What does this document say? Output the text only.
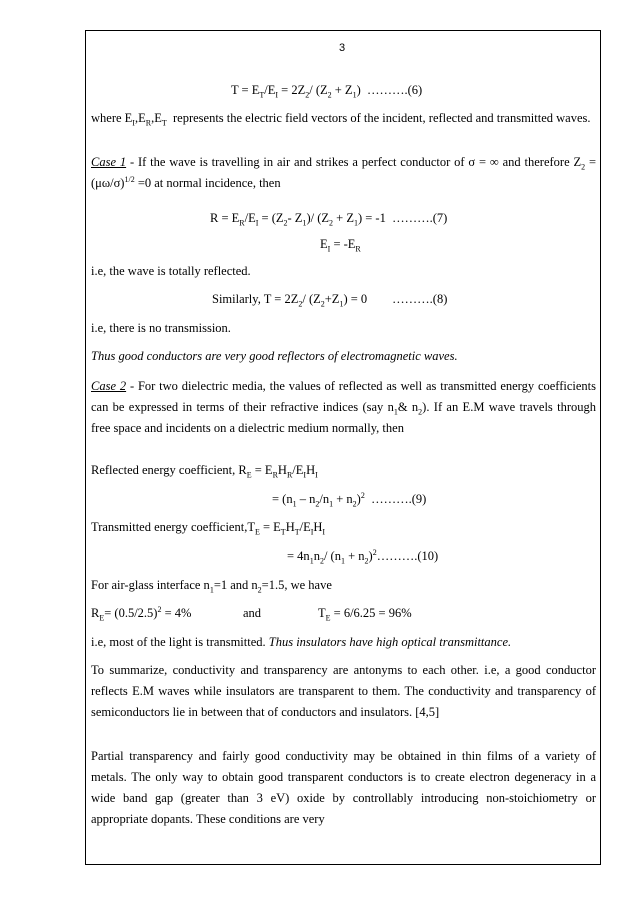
3
$T = E_T/E_I = 2Z_2/$ $(Z_2 + Z_1)$  ……….(6)
where $E_I,E_R,E_T$ represents the electric field vectors of the incident, reflected and transmitted waves.
Case 1 - If the wave is travelling in air and strikes a perfect conductor of σ = ∞ and therefore $Z_2 = (\mu\omega/\sigma)^{1/2} =0$ at normal incidence, then
$R = E_R/E_I = (Z_2-$ $Z_1)/$ $(Z_2 + Z_1) = -1$  ……….(7)
$E_I = -E_R$
i.e, the wave is totally reflected.
Similarly, $T = 2Z_2/$ $(Z_2+Z_1) = 0$        ……….(8)
i.e, there is no transmission.
Thus good conductors are very good reflectors of electromagnetic waves.
Case 2 - For two dielectric media, the values of reflected as well as transmitted energy coefficients can be expressed in terms of their refractive indices (say $n_1\&$ $n_2$). If an E.M wave travels through free space and incidents on a dielectric medium normally, then
Reflected energy coefficient, $R_E = E_RH_R/E_IH_I$
= $(n_1 - n_2/n_1 + n_2)^2$  ……….(9)
Transmitted energy $coefficient,T_E = E_TH_T/E_IH_I$
= $4n_1n_2/$ ($n_1$ + $n_2)^2\dots\dots\dots.(10)$
For air-glass interface $n_1=1$ and $n_2=1.5$, we have
$R_E= (0.5/2.5)^2 = 4\%$	and	$T_E = 6/6.25 = 96\%$
i.e, most of the light is transmitted. Thus insulators have high optical transmittance.
To summarize, conductivity and transparency are antonyms to each other. i.e, a good conductor reflects E.M waves while insulators are transparent to them. The conductivity and transparency of semiconductors lie in between that of conductors and insulators. [4,5]
Partial transparency and fairly good conductivity may be obtained in thin films of a variety of metals. The only way to obtain good transparent conductors is to create electron degeneracy in a wide band gap (greater than 3 eV) oxide by controllably introducing non-stoichiometry or appropriate dopants. These conditions are very
